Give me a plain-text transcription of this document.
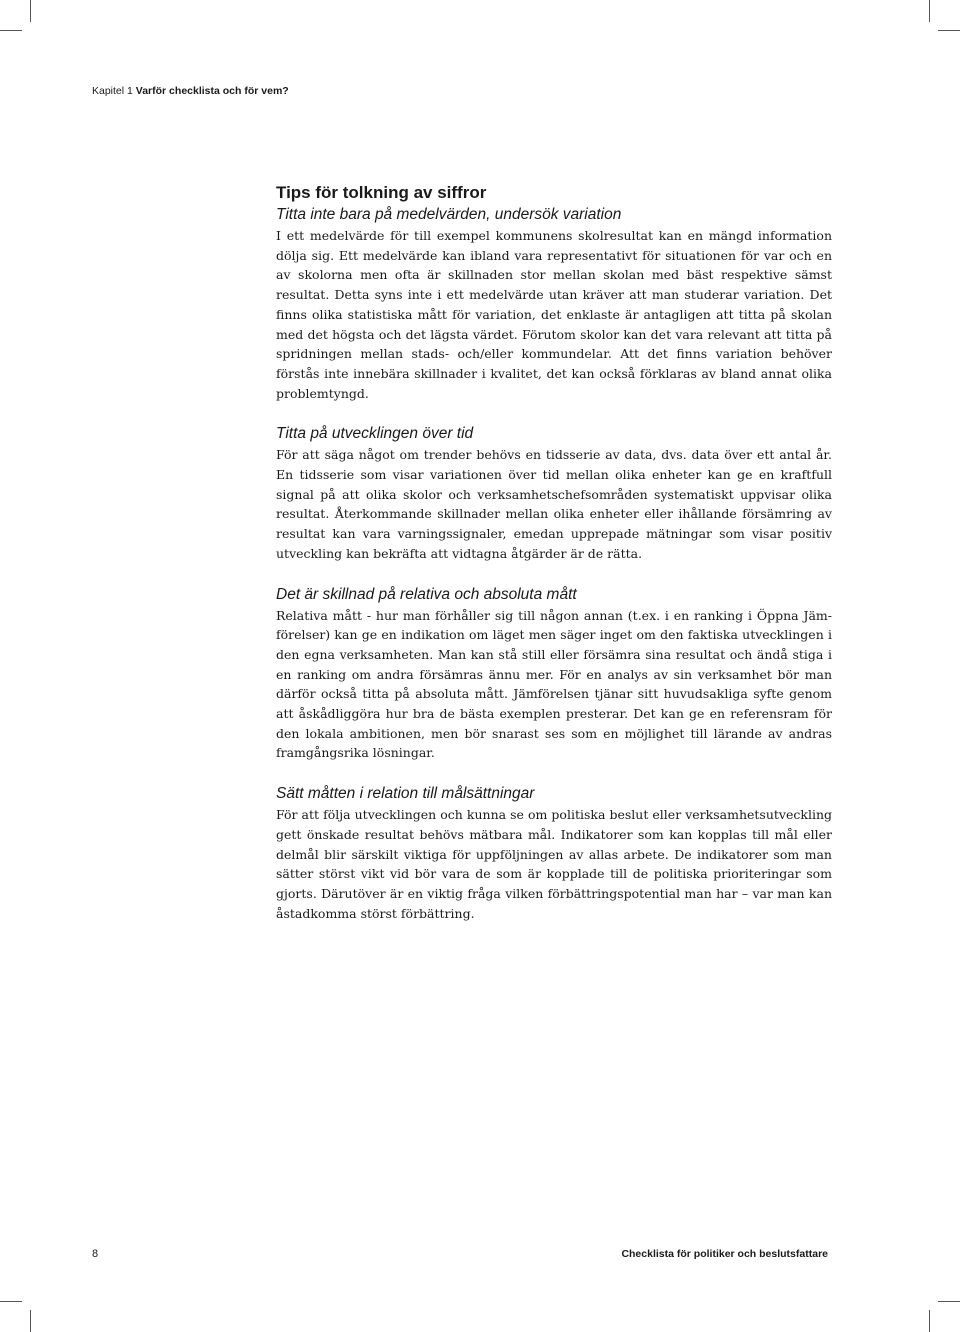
Kapitel 1 Varför checklista och för vem?
Tips för tolkning av siffror
Titta inte bara på medelvärden, undersök variation

I ett medelvärde för till exempel kommunens skolresultat kan en mängd information dölja sig. Ett medelvärde kan ibland vara representativt för situationen för var och en av skolorna men ofta är skillnaden stor mellan skolan med bäst respektive sämst resultat. Detta syns inte i ett medelvärde utan kräver att man studerar variation. Det finns olika statistiska mått för variation, det enklaste är antagligen att titta på skolan med det högsta och det lägsta värdet. Förutom skolor kan det vara relevant att titta på spridningen mellan stads- och/eller kommundelar. Att det finns variation behöver förstås inte innebära skillnader i kvalitet, det kan också förklaras av bland annat olika problemtyngd.

Titta på utvecklingen över tid

För att säga något om trender behövs en tidsserie av data, dvs. data över ett antal år. En tidsserie som visar variationen över tid mellan olika enheter kan ge en kraftfull signal på att olika skolor och verksamhetschefsområden systematiskt uppvisar olika resultat. Återkommande skillnader mellan olika enheter eller ihållande försämring av resultat kan vara varningssignaler, emedan upprepade mätningar som visar positiv utveckling kan bekräfta att vidtagna åtgärder är de rätta.

Det är skillnad på relativa och absoluta mått

Relativa mått - hur man förhåller sig till någon annan (t.ex. i en ranking i Öppna Jämförelser) kan ge en indikation om läget men säger inget om den faktiska utvecklingen i den egna verksamheten. Man kan stå still eller försämra sina resultat och ändå stiga i en ranking om andra försämras ännu mer. För en analys av sin verksamhet bör man därför också titta på absoluta mått. Jämförelsen tjänar sitt huvudsakliga syfte genom att åskådliggöra hur bra de bästa exemplen presterar. Det kan ge en referensram för den lokala ambitionen, men bör snarast ses som en möjlighet till lärande av andras framgångsrika lösningar.

Sätt måtten i relation till målsättningar

För att följa utvecklingen och kunna se om politiska beslut eller verksamhetsutveckling gett önskade resultat behövs mätbara mål. Indikatorer som kan kopplas till mål eller delmål blir särskilt viktiga för uppföljningen av allas arbete. De indikatorer som man sätter störst vikt vid bör vara de som är kopplade till de politiska prioriteringar som gjorts. Därutöver är en viktig fråga vilken förbättringspotential man har – var man kan åstadkomma störst förbättring.

8	Checklista för politiker och beslutsfattare
